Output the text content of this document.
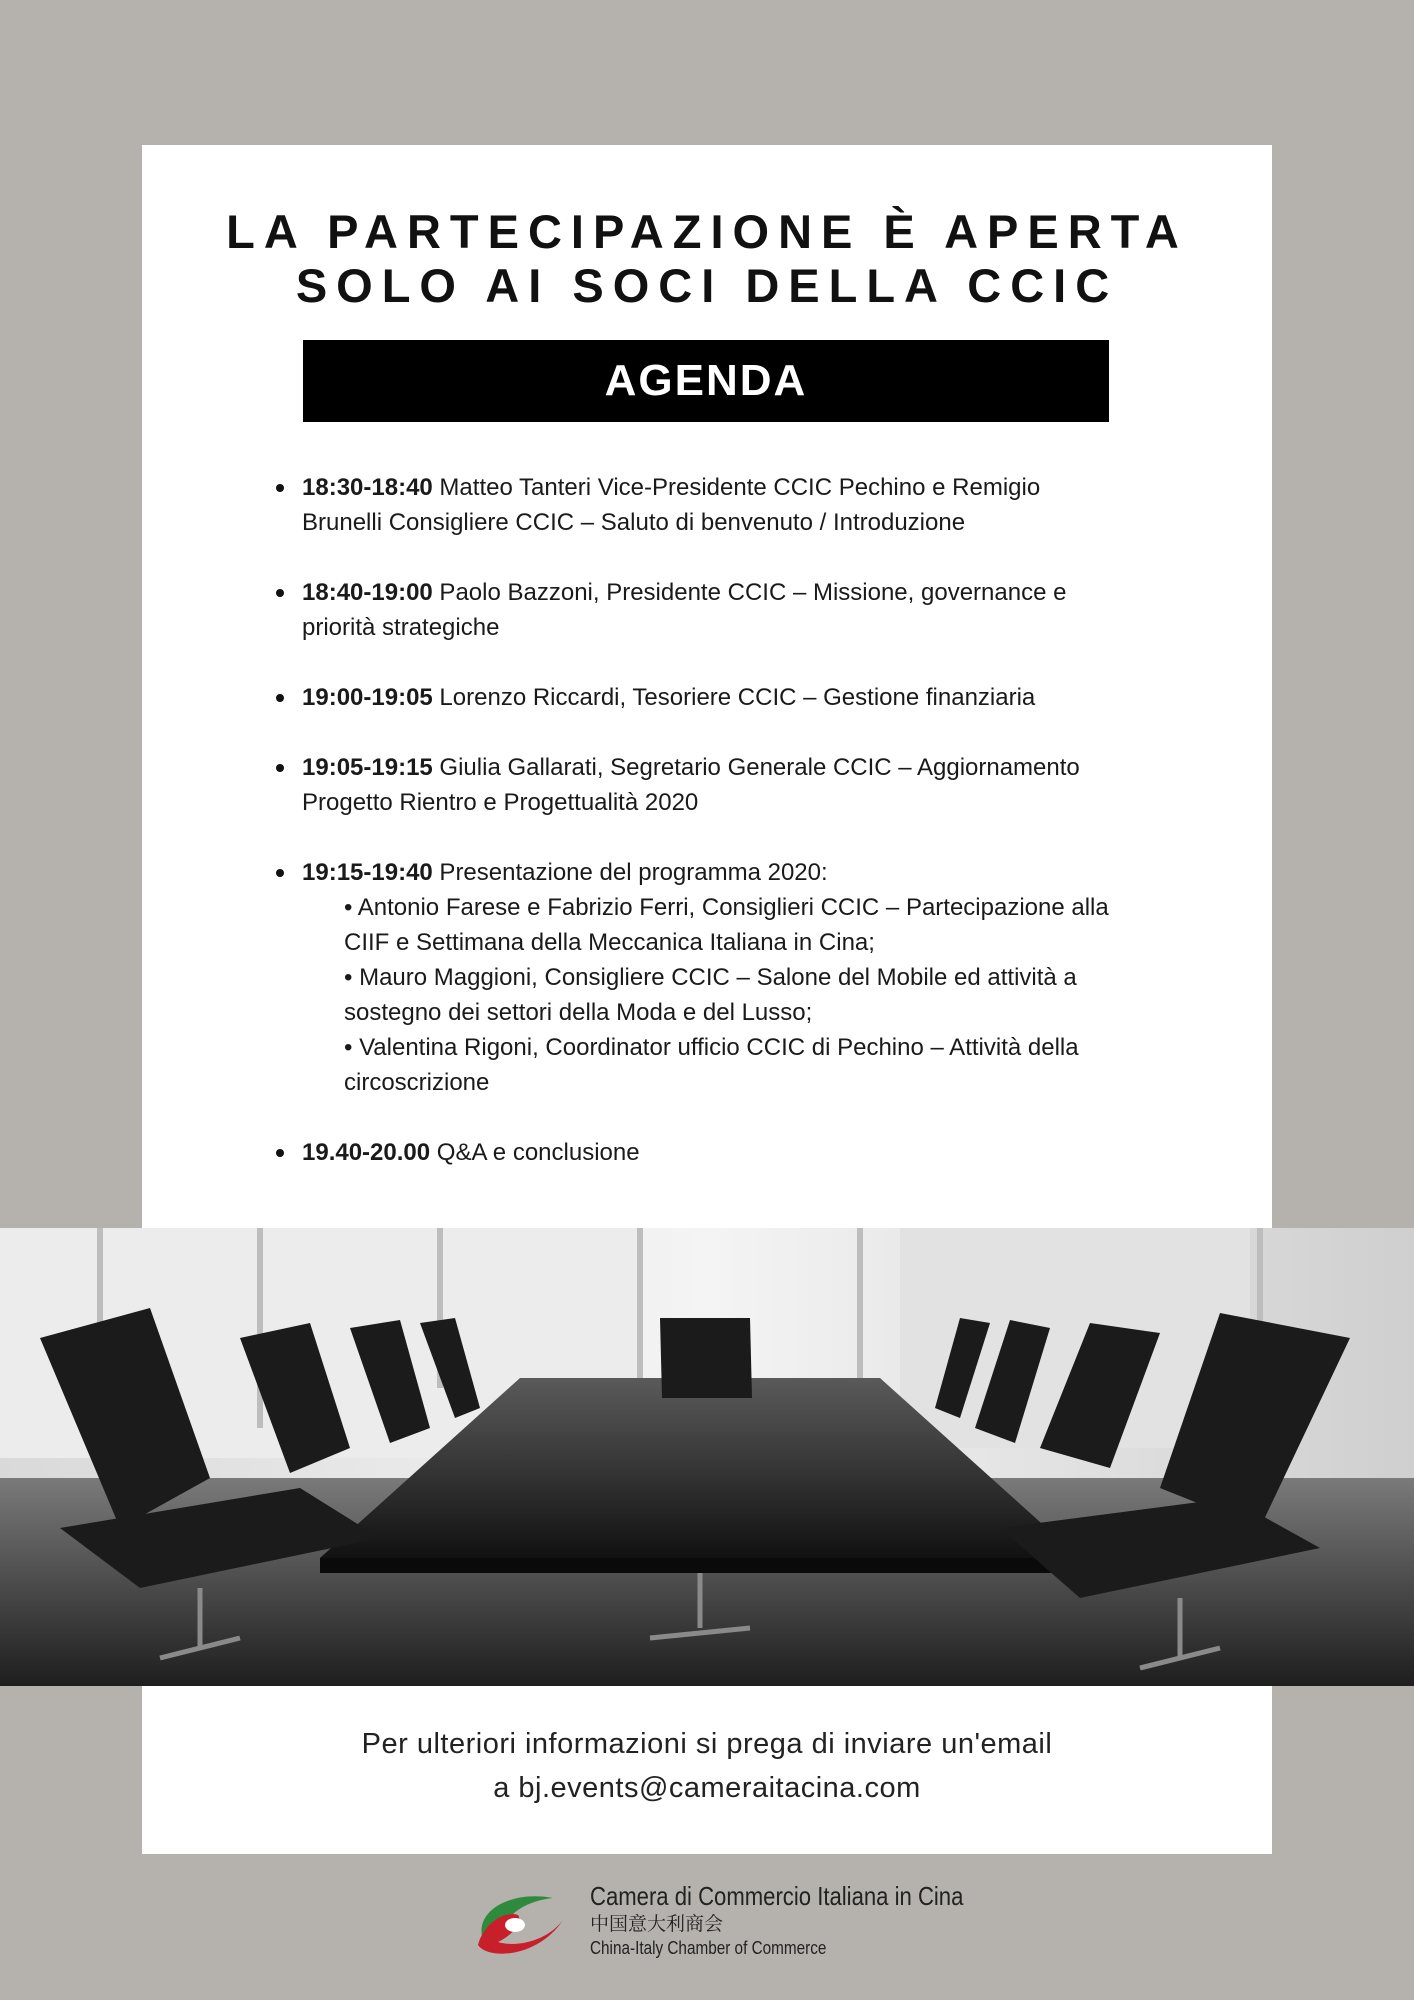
LA PARTECIPAZIONE È APERTA
SOLO AI SOCI DELLA CCIC
AGENDA
18:30-18:40 Matteo Tanteri Vice-Presidente CCIC Pechino e Remigio Brunelli Consigliere CCIC – Saluto di benvenuto / Introduzione
18:40-19:00 Paolo Bazzoni, Presidente CCIC – Missione, governance e priorità strategiche
19:00-19:05 Lorenzo Riccardi, Tesoriere CCIC – Gestione finanziaria
19:05-19:15 Giulia Gallarati, Segretario Generale CCIC – Aggiornamento Progetto Rientro e Progettualità 2020
19:15-19:40 Presentazione del programma 2020:
• Antonio Farese e Fabrizio Ferri, Consiglieri CCIC – Partecipazione alla CIIF e Settimana della Meccanica Italiana in Cina;
• Mauro Maggioni, Consigliere CCIC – Salone del Mobile ed attività a sostegno dei settori della Moda e del Lusso;
• Valentina Rigoni, Coordinator ufficio CCIC di Pechino – Attività della circoscrizione
19.40-20.00 Q&A e conclusione
Per ulteriori informazioni si prega di inviare un'email
a bj.events@cameraitacina.com
Camera di Commercio Italiana in Cina
中国意大利商会
China-Italy Chamber of Commerce
